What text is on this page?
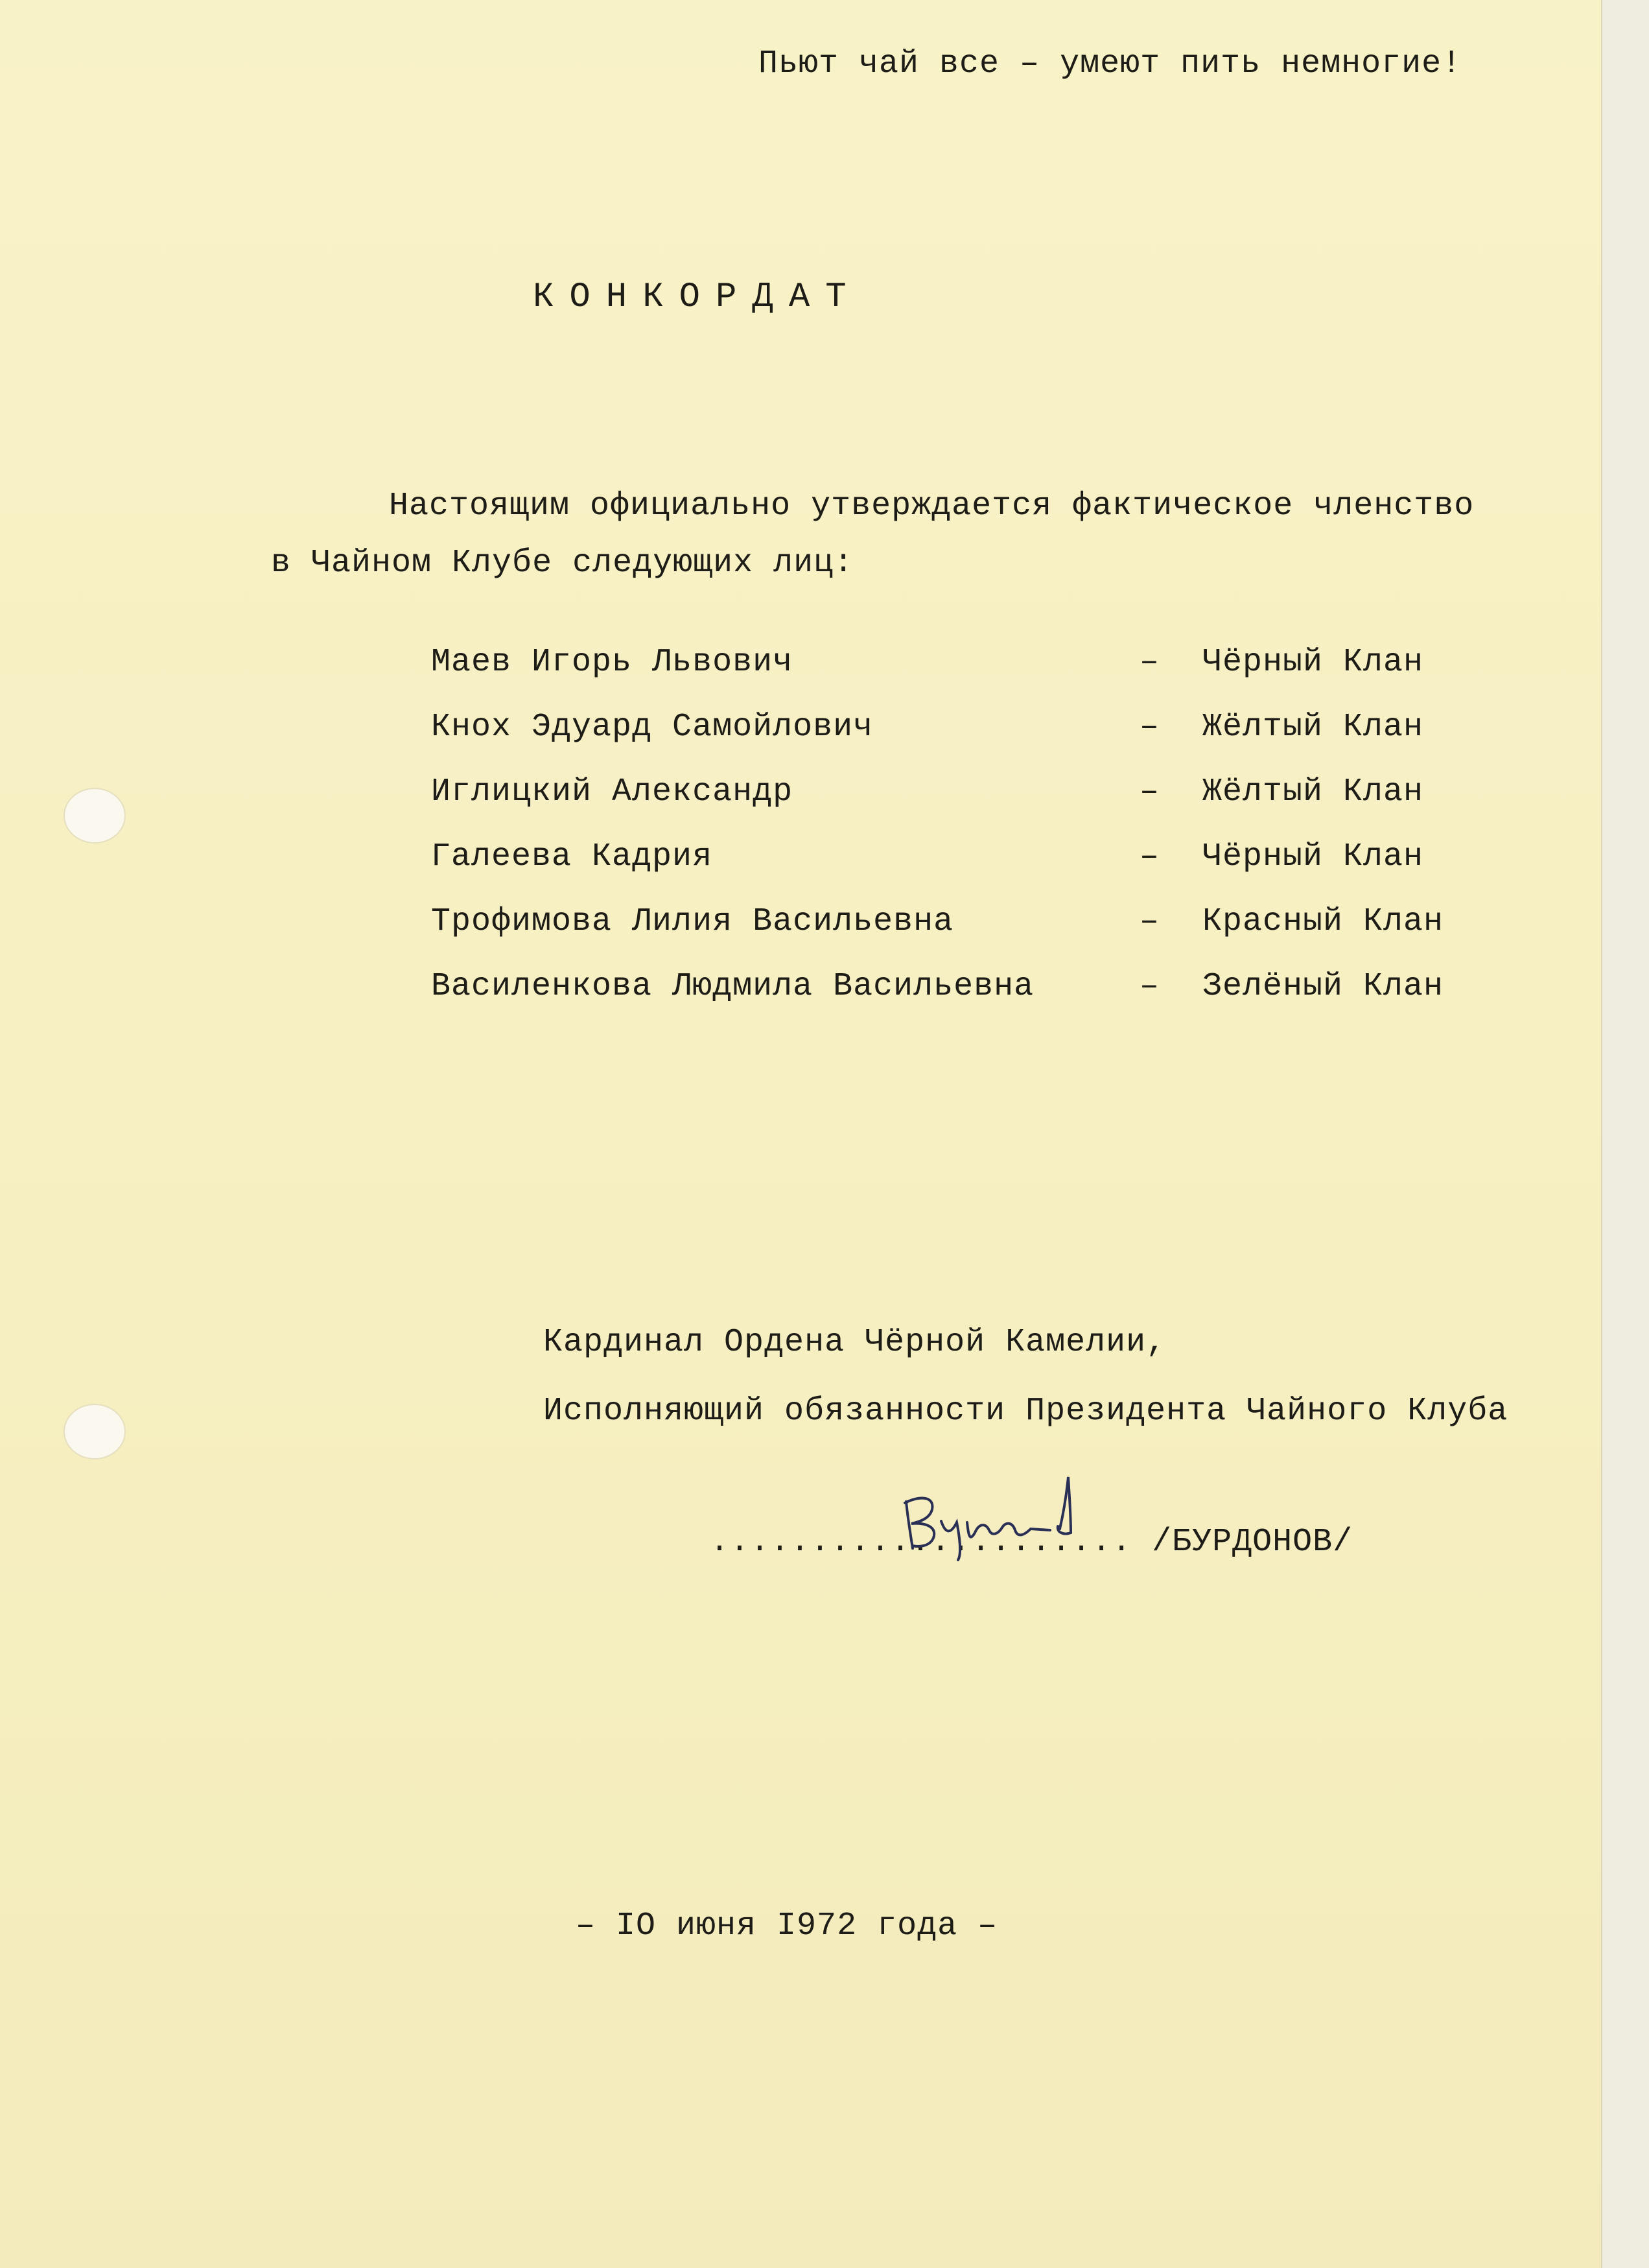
Пьют чай все – умеют пить немногие!
КОНКОРДАТ
Настоящим официально утверждается фактическое членство
в Чайном Клубе следующих лиц:
Маев Игорь Львович	– Чёрный Клан
Кнох Эдуард Самойлович	– Жёлтый Клан
Иглицкий Александр	– Жёлтый Клан
Галеева Кадрия	– Чёрный Клан
Трофимова Лилия Васильевна	– Красный Клан
Василенкова Людмила Васильевна	– Зелёный Клан
Кардинал Ордена Чёрной Камелии,
Исполняющий обязанности Президента Чайного Клуба
..................... /БУРДОНОВ/
– IO июня I972 года –
